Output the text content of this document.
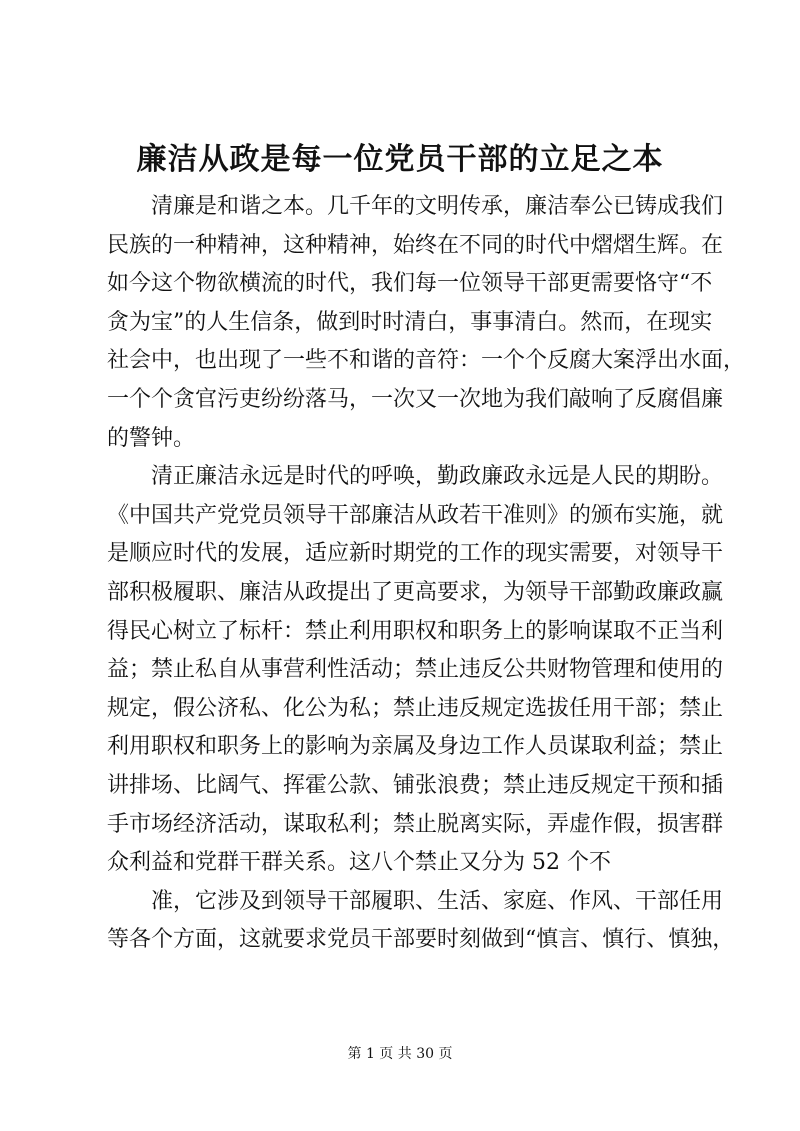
廉洁从政是每一位党员干部的立足之本
清廉是和谐之本。几千年的文明传承，廉洁奉公已铸成我们
民族的一种精神，这种精神，始终在不同的时代中熠熠生辉。在
如今这个物欲横流的时代，我们每一位领导干部更需要恪守“不
贪为宝”的人生信条，做到时时清白，事事清白。然而，在现实
社会中，也出现了一些不和谐的音符：一个个反腐大案浮出水面，
一个个贪官污吏纷纷落马，一次又一次地为我们敲响了反腐倡廉
的警钟。
清正廉洁永远是时代的呼唤，勤政廉政永远是人民的期盼。
《中国共产党党员领导干部廉洁从政若干准则》的颁布实施，就
是顺应时代的发展，适应新时期党的工作的现实需要，对领导干
部积极履职、廉洁从政提出了更高要求，为领导干部勤政廉政赢
得民心树立了标杆：禁止利用职权和职务上的影响谋取不正当利
益；禁止私自从事营利性活动；禁止违反公共财物管理和使用的
规定，假公济私、化公为私；禁止违反规定选拔任用干部；禁止
利用职权和职务上的影响为亲属及身边工作人员谋取利益；禁止
讲排场、比阔气、挥霍公款、铺张浪费；禁止违反规定干预和插
手市场经济活动，谋取私利；禁止脱离实际，弄虚作假，损害群
众利益和党群干群关系。这八个禁止又分为 52 个不
准，它涉及到领导干部履职、生活、家庭、作风、干部任用
等各个方面，这就要求党员干部要时刻做到“慎言、慎行、慎独，
第 1 页 共 30 页
